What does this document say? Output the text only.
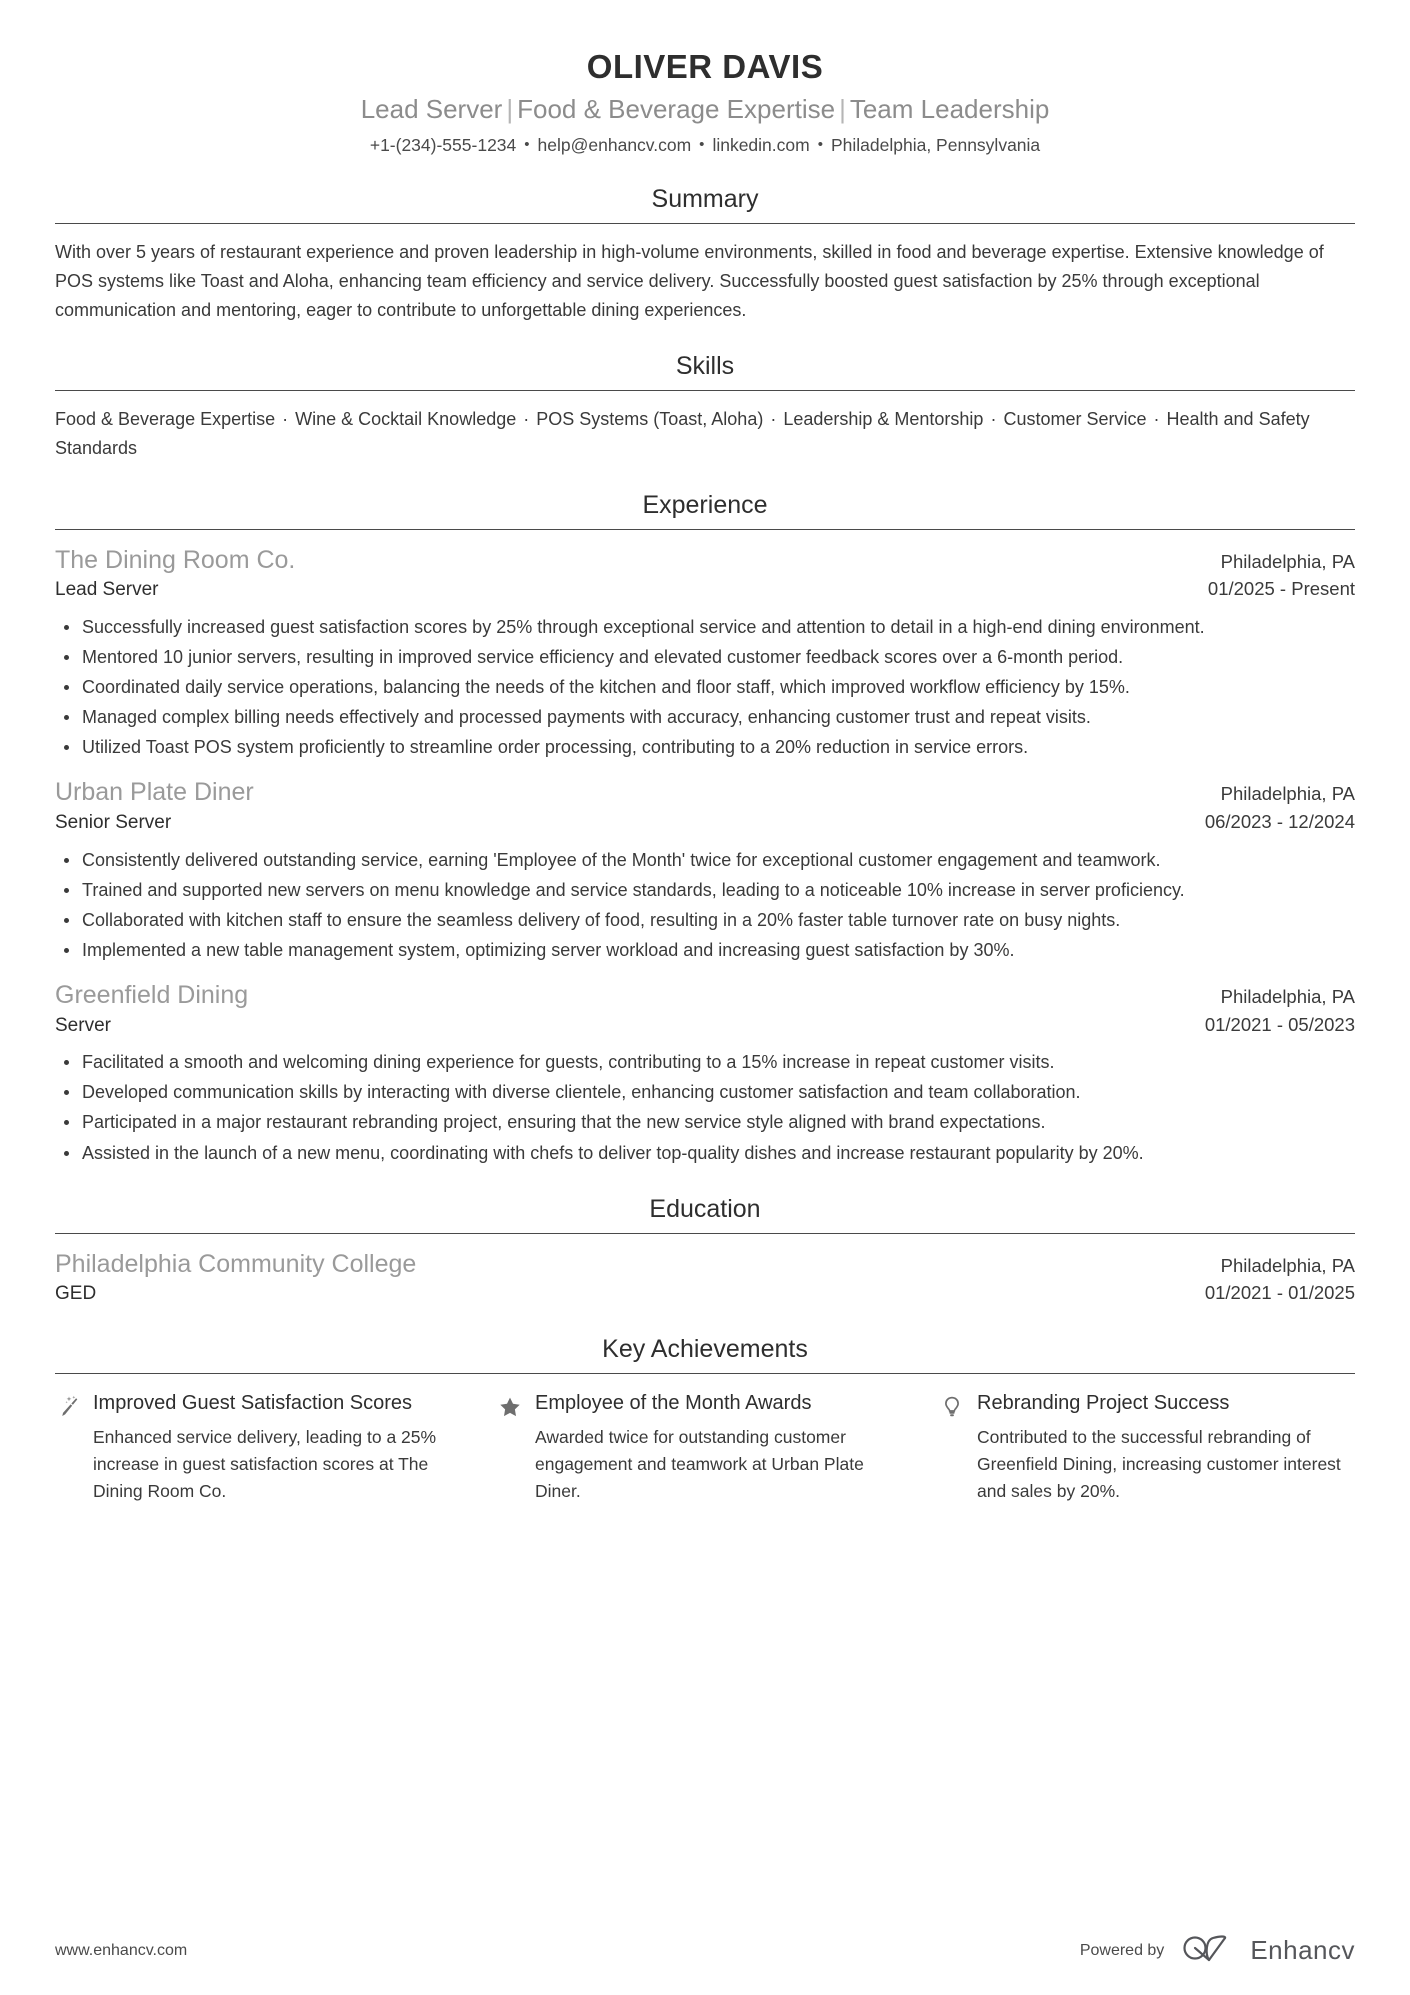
OLIVER DAVIS
Lead Server | Food & Beverage Expertise | Team Leadership
+1-(234)-555-1234 • help@enhancv.com • linkedin.com • Philadelphia, Pennsylvania
Summary
With over 5 years of restaurant experience and proven leadership in high-volume environments, skilled in food and beverage expertise. Extensive knowledge of POS systems like Toast and Aloha, enhancing team efficiency and service delivery. Successfully boosted guest satisfaction by 25% through exceptional communication and mentoring, eager to contribute to unforgettable dining experiences.
Skills
Food & Beverage Expertise · Wine & Cocktail Knowledge · POS Systems (Toast, Aloha) · Leadership & Mentorship · Customer Service · Health and Safety Standards
Experience
The Dining Room Co.	Philadelphia, PA
Lead Server	01/2025 - Present
Successfully increased guest satisfaction scores by 25% through exceptional service and attention to detail in a high-end dining environment.
Mentored 10 junior servers, resulting in improved service efficiency and elevated customer feedback scores over a 6-month period.
Coordinated daily service operations, balancing the needs of the kitchen and floor staff, which improved workflow efficiency by 15%.
Managed complex billing needs effectively and processed payments with accuracy, enhancing customer trust and repeat visits.
Utilized Toast POS system proficiently to streamline order processing, contributing to a 20% reduction in service errors.
Urban Plate Diner	Philadelphia, PA
Senior Server	06/2023 - 12/2024
Consistently delivered outstanding service, earning 'Employee of the Month' twice for exceptional customer engagement and teamwork.
Trained and supported new servers on menu knowledge and service standards, leading to a noticeable 10% increase in server proficiency.
Collaborated with kitchen staff to ensure the seamless delivery of food, resulting in a 20% faster table turnover rate on busy nights.
Implemented a new table management system, optimizing server workload and increasing guest satisfaction by 30%.
Greenfield Dining	Philadelphia, PA
Server	01/2021 - 05/2023
Facilitated a smooth and welcoming dining experience for guests, contributing to a 15% increase in repeat customer visits.
Developed communication skills by interacting with diverse clientele, enhancing customer satisfaction and team collaboration.
Participated in a major restaurant rebranding project, ensuring that the new service style aligned with brand expectations.
Assisted in the launch of a new menu, coordinating with chefs to deliver top-quality dishes and increase restaurant popularity by 20%.
Education
Philadelphia Community College	Philadelphia, PA
GED	01/2021 - 01/2025
Key Achievements
Improved Guest Satisfaction Scores
Enhanced service delivery, leading to a 25% increase in guest satisfaction scores at The Dining Room Co.
Employee of the Month Awards
Awarded twice for outstanding customer engagement and teamwork at Urban Plate Diner.
Rebranding Project Success
Contributed to the successful rebranding of Greenfield Dining, increasing customer interest and sales by 20%.
www.enhancv.com	Powered by	Enhancv
